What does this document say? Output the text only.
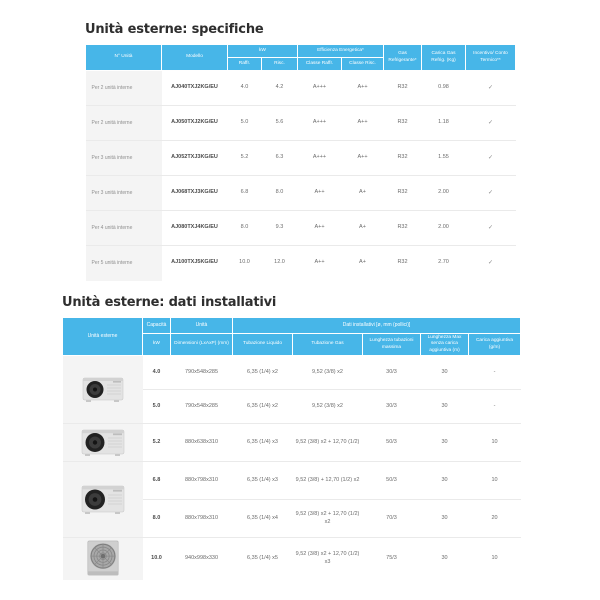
Unità esterne: specifiche
N° Unità	Modello	kW		Efficienza Energetica*		Gas Refrigerante*	Carica Gas Refrig. (Kg)	Incentivo/ Conto Termico**
		Raffr.	Risc.	Classe Raffr.	Classe Risc.			
Per 2 unità interne	AJ040TXJ2KG/EU	4.0	4.2	A+++	A++	R32	0.98	✓
Per 2 unità interne	AJ050TXJ2KG/EU	5.0	5.6	A+++	A++	R32	1.18	✓
Per 3 unità interne	AJ052TXJ3KG/EU	5.2	6.3	A+++	A++	R32	1.55	✓
Per 3 unità interne	AJ068TXJ3KG/EU	6.8	8.0	A++	A+	R32	2.00	✓
Per 4 unità interne	AJ080TXJ4KG/EU	8.0	9.3	A++	A+	R32	2.00	✓
Per 5 unità interne	AJ100TXJ5KG/EU	10.0	12.0	A++	A+	R32	2.70	✓
Unità esterne: dati installativi
Unità esterne	Capacità	Unità	Dati installativi [ø, mm (pollici)]				
	kW	Dimensioni (LxAxP) (mm)	Tubazione Liquido	Tubazione Gas	Lunghezza tubazioni massima	Lunghezza Max senza carica aggiuntiva (m)	Carica aggiuntiva (g/m)

	4.0	790x548x285	6,35 (1/4) x2	9,52 (3/8) x2	30/3	30	-
	5.0	790x548x285	6,35 (1/4) x2	9,52 (3/8) x2	30/3	30	-

	5.2	880x638x310	6,35 (1/4) x3	9,52 (3/8) x2 + 12,70 (1/2)	50/3	30	10

	6.8	880x798x310	6,35 (1/4) x3	9,52 (3/8) + 12,70 (1/2) x2	50/3	30	10
	8.0	880x798x310	6,35 (1/4) x4	9,52 (3/8) x2 + 12,70 (1/2) x2	70/3	30	20

	10.0	940x998x330	6,35 (1/4) x5	9,52 (3/8) x2 + 12,70 (1/2) x3	75/3	30	10
